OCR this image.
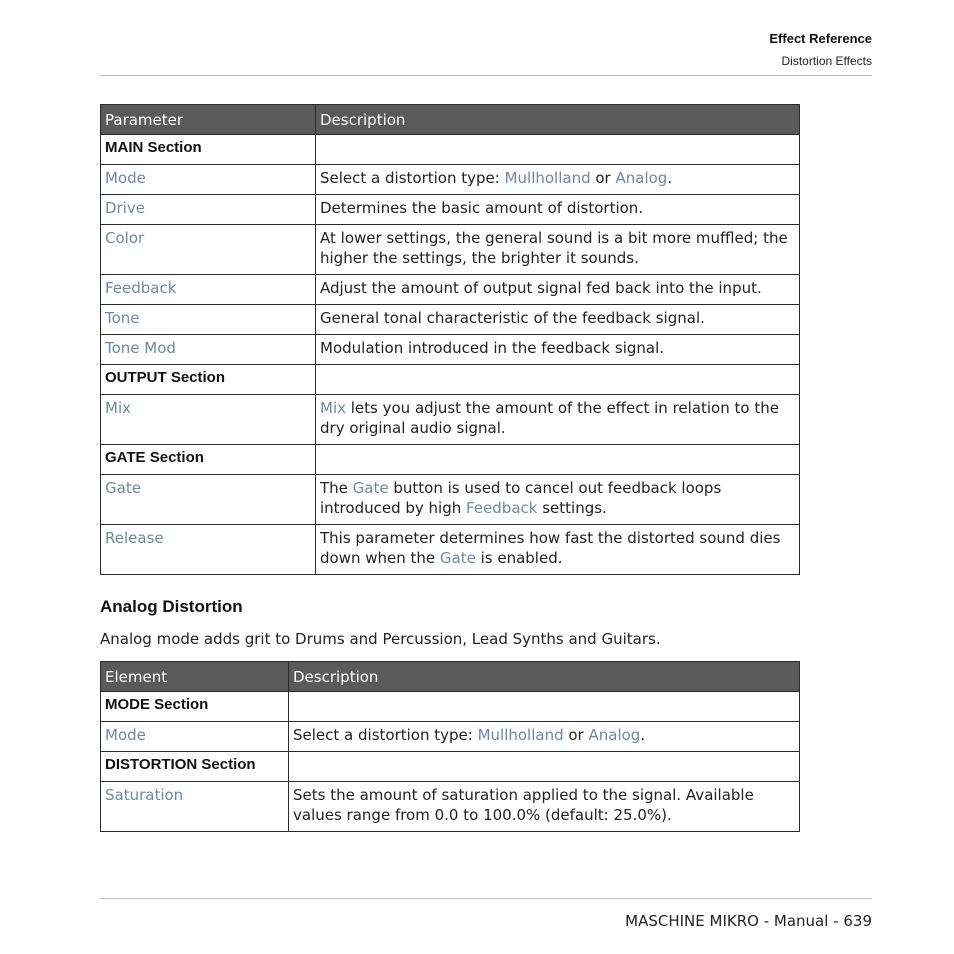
Effect Reference
Distortion Effects
Parameter	Description
MAIN Section	
Mode	Select a distortion type: Mullholland or Analog.
Drive	Determines the basic amount of distortion.
Color	At lower settings, the general sound is a bit more muffled; the higher the settings, the brighter it sounds.
Feedback	Adjust the amount of output signal fed back into the input.
Tone	General tonal characteristic of the feedback signal.
Tone Mod	Modulation introduced in the feedback signal.
OUTPUT Section	
Mix	Mix lets you adjust the amount of the effect in relation to the dry original audio signal.
GATE Section	
Gate	The Gate button is used to cancel out feedback loops introduced by high Feedback settings.
Release	This parameter determines how fast the distorted sound dies down when the Gate is enabled.
Analog Distortion
Analog mode adds grit to Drums and Percussion, Lead Synths and Guitars.
Element	Description
MODE Section	
Mode	Select a distortion type: Mullholland or Analog.
DISTORTION Section	
Saturation	Sets the amount of saturation applied to the signal. Available values range from 0.0 to 100.0% (default: 25.0%).
MASCHINE MIKRO - Manual - 639
